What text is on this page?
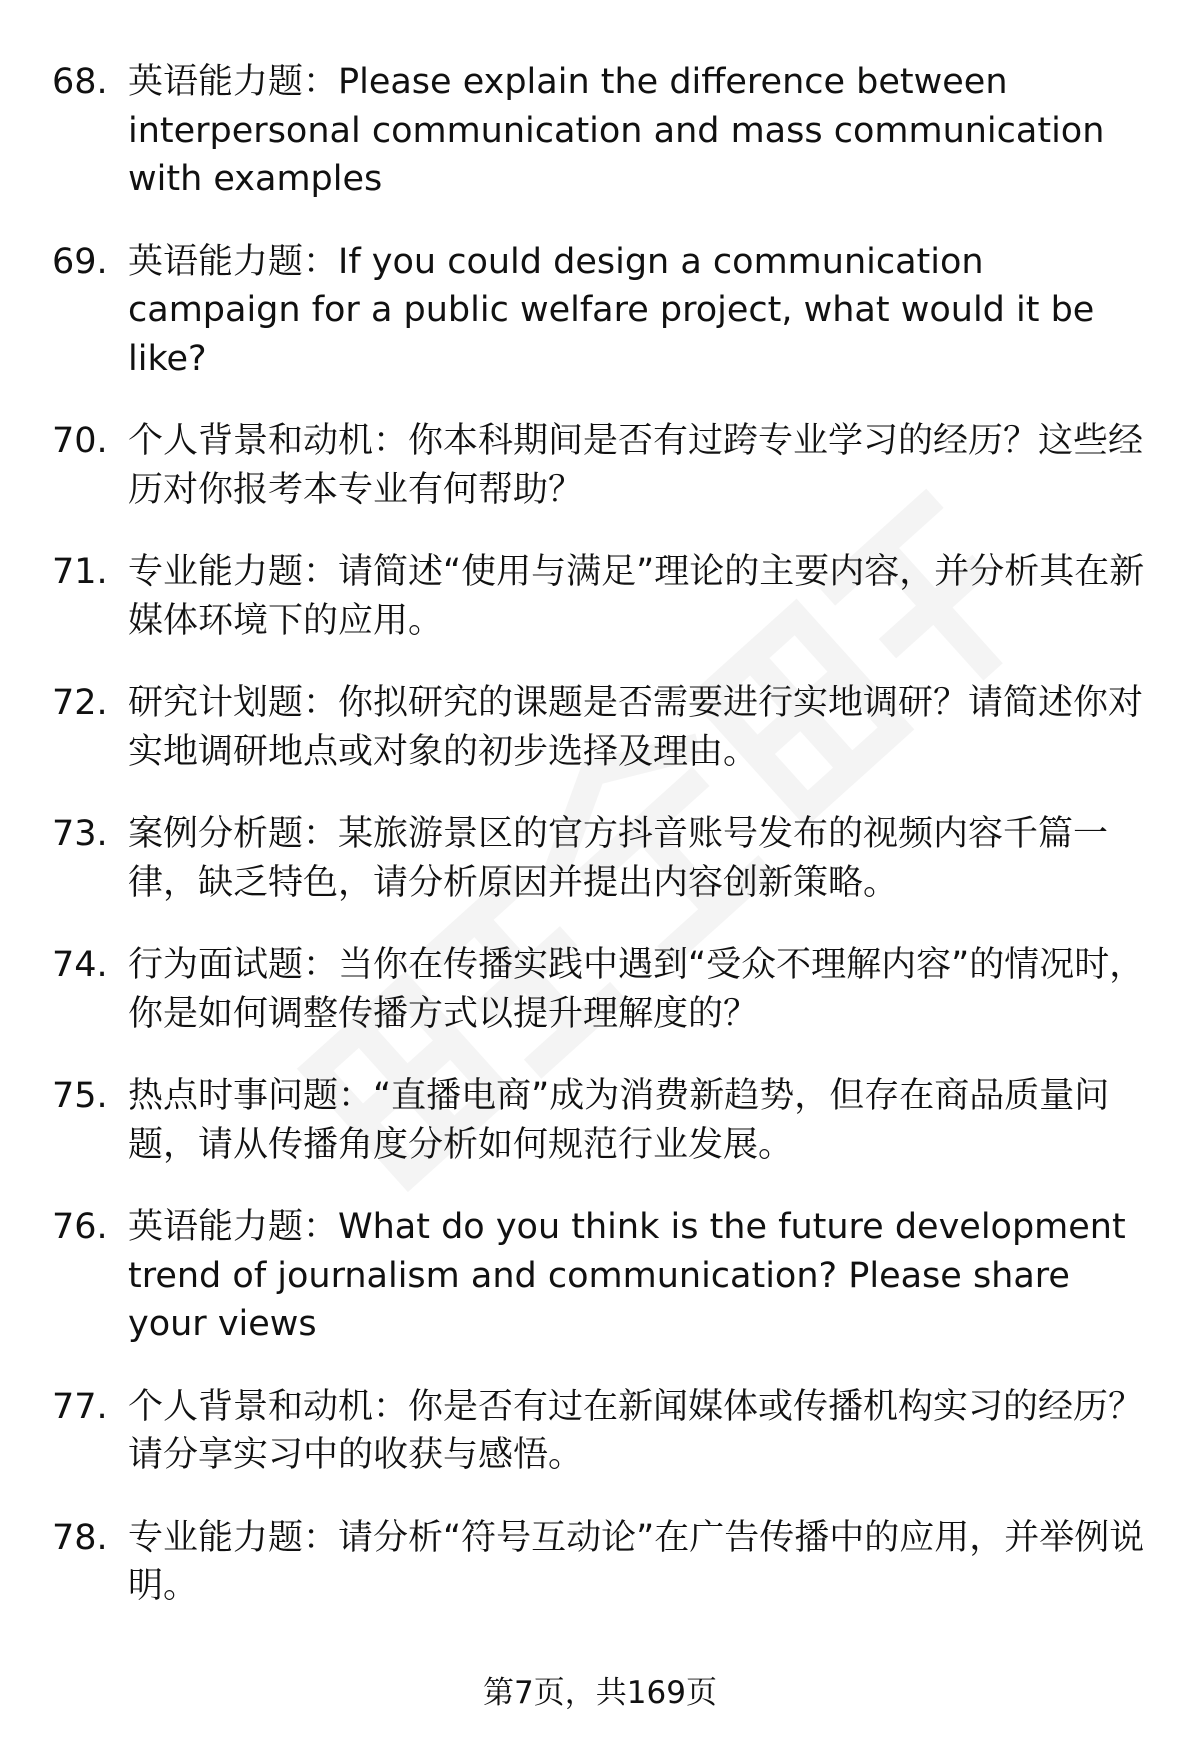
68. 英语能力题：Please explain the difference between interpersonal communication and mass communication with examples
69. 英语能力题：If you could design a communication campaign for a public welfare project, what would it be like?
70. 个人背景和动机：你本科期间是否有过跨专业学习的经历？这些经历对你报考本专业有何帮助？
71. 专业能力题：请简述“使用与满足”理论的主要内容，并分析其在新媒体环境下的应用。
72. 研究计划题：你拟研究的课题是否需要进行实地调研？请简述你对实地调研地点或对象的初步选择及理由。
73. 案例分析题：某旅游景区的官方抖音账号发布的视频内容千篇一律，缺乏特色，请分析原因并提出内容创新策略。
74. 行为面试题：当你在传播实践中遇到“受众不理解内容”的情况时，你是如何调整传播方式以提升理解度的？
75. 热点时事问题：“直播电商”成为消费新趋势，但存在商品质量问题，请从传播角度分析如何规范行业发展。
76. 英语能力题：What do you think is the future development trend of journalism and communication? Please share your views
77. 个人背景和动机：你是否有过在新闻媒体或传播机构实习的经历？请分享实习中的收获与感悟。
78. 专业能力题：请分析“符号互动论”在广告传播中的应用，并举例说明。
第7页，共169页
